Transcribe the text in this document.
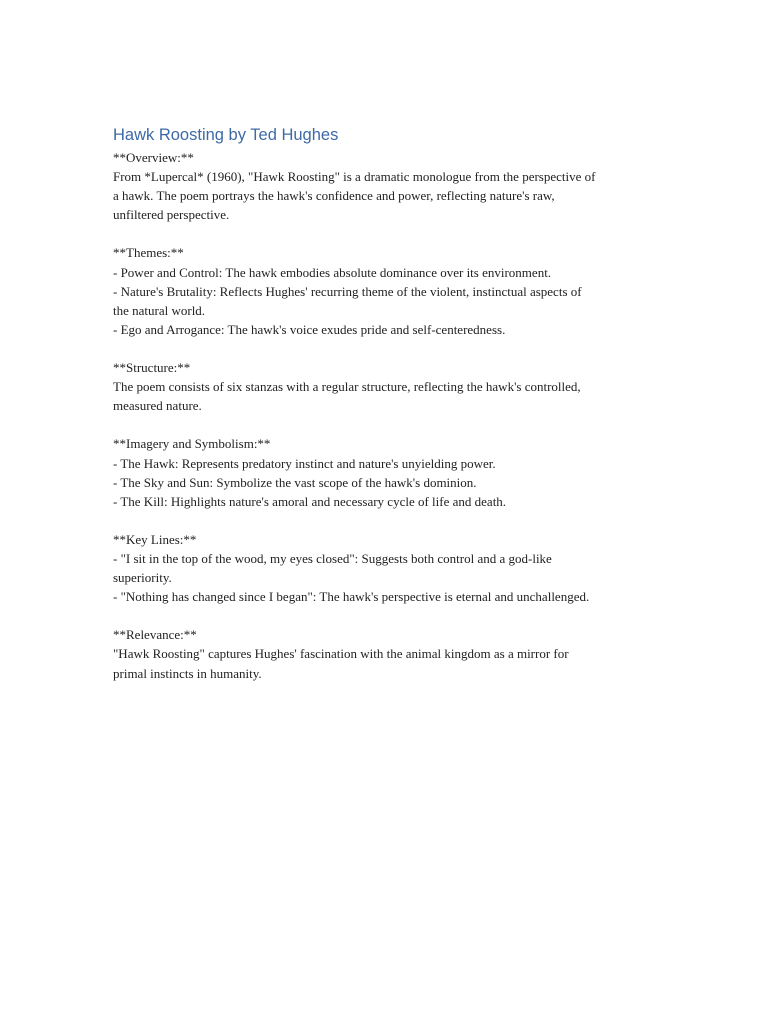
Hawk Roosting by Ted Hughes
**Overview:**
From *Lupercal* (1960), "Hawk Roosting" is a dramatic monologue from the perspective of
a hawk. The poem portrays the hawk's confidence and power, reflecting nature's raw,
unfiltered perspective.
**Themes:**
- Power and Control: The hawk embodies absolute dominance over its environment.
- Nature's Brutality: Reflects Hughes' recurring theme of the violent, instinctual aspects of
the natural world.
- Ego and Arrogance: The hawk's voice exudes pride and self-centeredness.
**Structure:**
The poem consists of six stanzas with a regular structure, reflecting the hawk's controlled,
measured nature.
**Imagery and Symbolism:**
- The Hawk: Represents predatory instinct and nature's unyielding power.
- The Sky and Sun: Symbolize the vast scope of the hawk's dominion.
- The Kill: Highlights nature's amoral and necessary cycle of life and death.
**Key Lines:**
- "I sit in the top of the wood, my eyes closed": Suggests both control and a god-like
superiority.
- "Nothing has changed since I began": The hawk's perspective is eternal and unchallenged.
**Relevance:**
"Hawk Roosting" captures Hughes' fascination with the animal kingdom as a mirror for
primal instincts in humanity.
